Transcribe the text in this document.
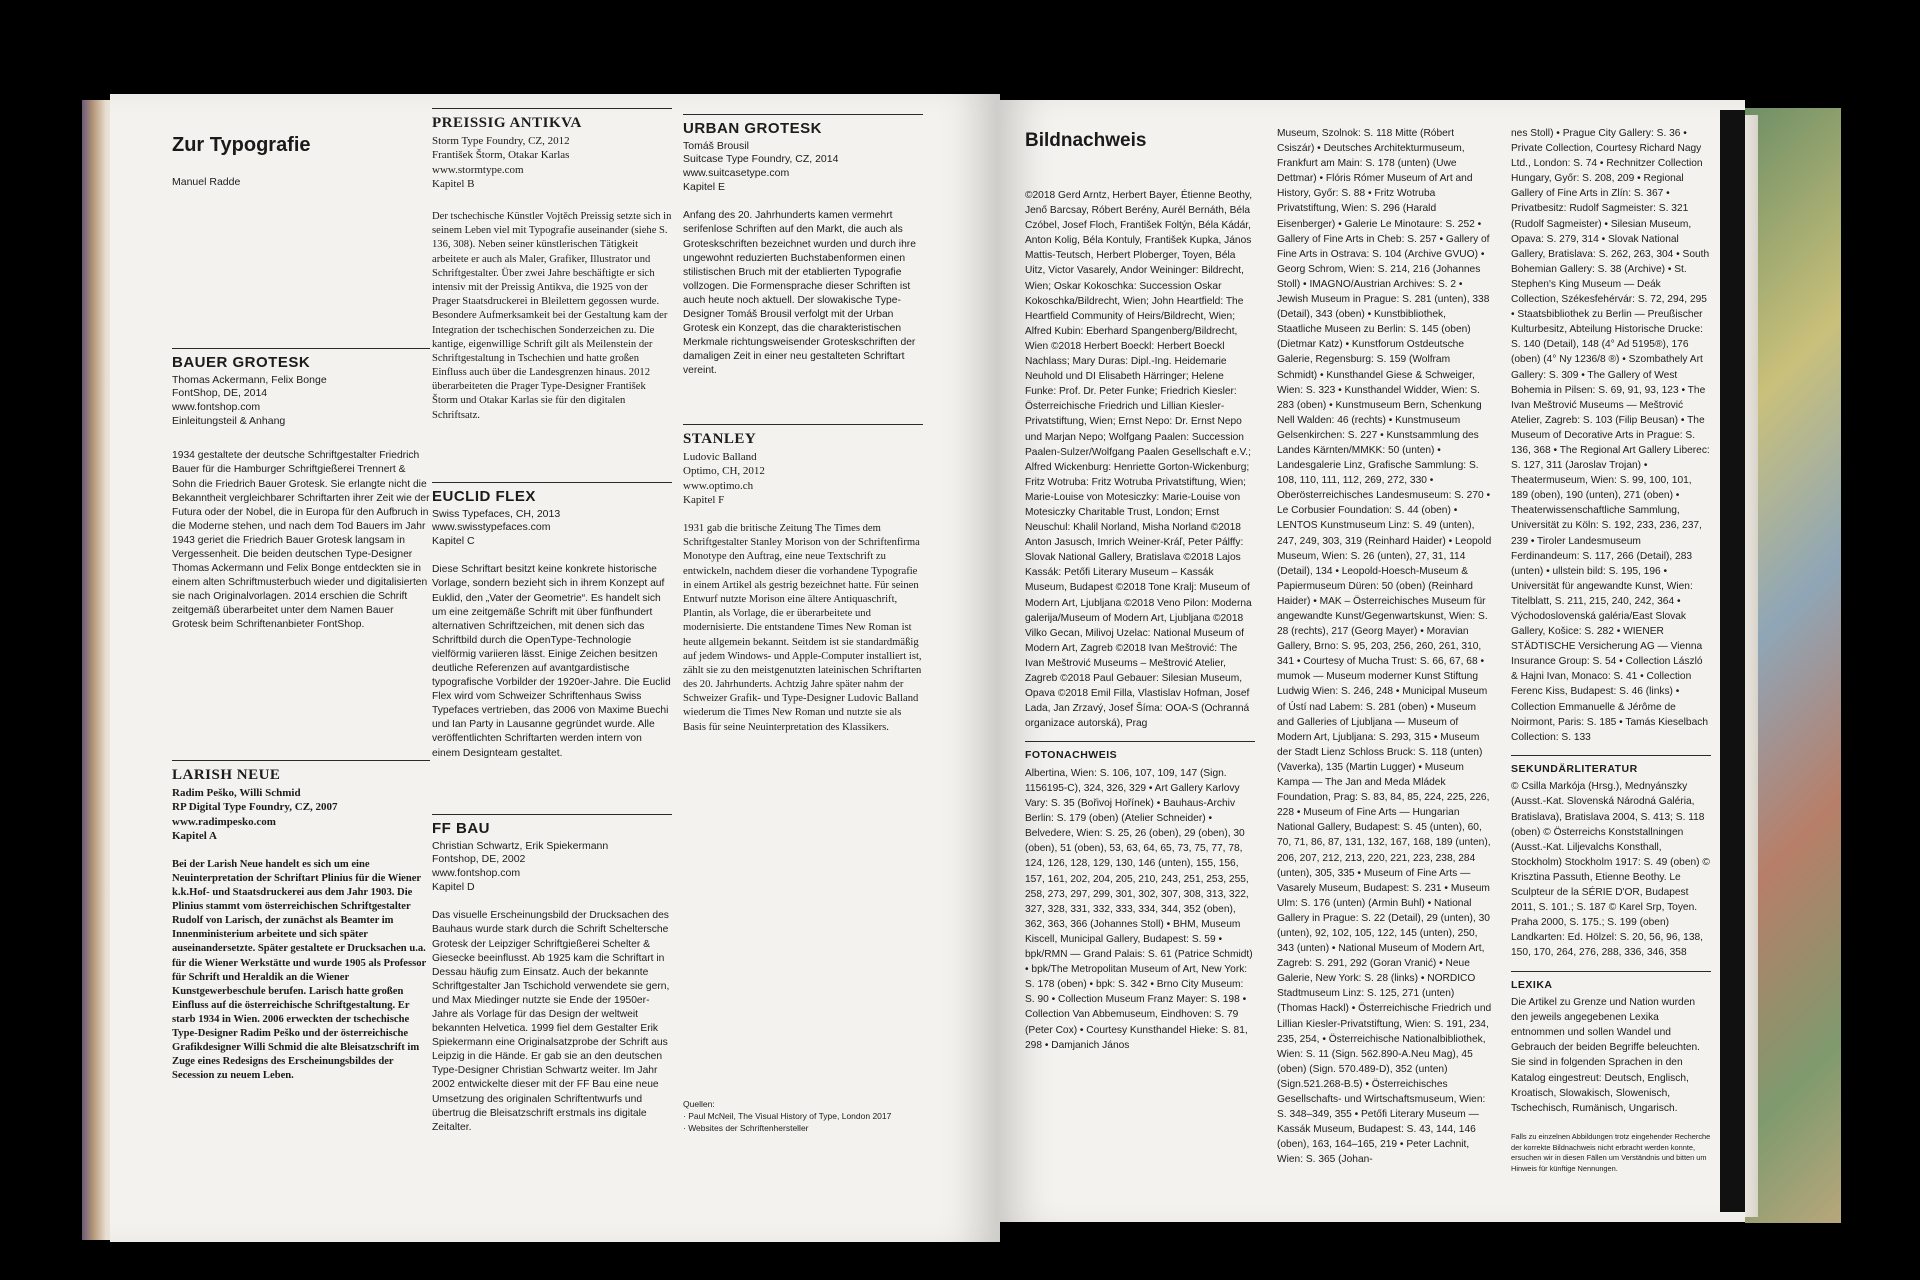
Zur Typografie

Manuel Radde

BAUER GROTESK

Thomas Ackermann, Felix Bonge
FontShop, DE, 2014
www.fontshop.com
Einleitungsteil & Anhang

1934 gestaltete der deutsche Schriftgestalter Friedrich Bauer für die Hamburger Schriftgießerei Trennert & Sohn die Friedrich Bauer Grotesk. Sie erlangte nicht die Bekanntheit vergleichbarer Schriftarten ihrer Zeit wie der Futura oder der Nobel, die in Europa für den Aufbruch in die Moderne stehen, und nach dem Tod Bauers im Jahr 1943 geriet die Friedrich Bauer Grotesk langsam in Vergessenheit. Die beiden deutschen Type-Designer Thomas Ackermann und Felix Bonge entdeckten sie in einem alten Schriftmusterbuch wieder und digitalisierten sie nach Originalvorlagen. 2014 erschien die Schrift zeitgemäß überarbeitet unter dem Namen Bauer Grotesk beim Schriftenanbieter FontShop.

LARISH NEUE

Radim Peško, Willi Schmid
RP Digital Type Foundry, CZ, 2007
www.radimpesko.com
Kapitel A

Bei der Larish Neue handelt es sich um eine Neuinterpretation der Schriftart Plinius für die Wiener k.k.Hof- und Staatsdruckerei aus dem Jahr 1903. Die Plinius stammt vom österreichischen Schriftgestalter Rudolf von Larisch, der zunächst als Beamter im Innenministerium arbeitete und sich später auseinandersetzte. Später gestaltete er Drucksachen u.a. für die Wiener Werkstätte und wurde 1905 als Professor für Schrift und Heraldik an die Wiener Kunstgewerbeschule berufen. Larisch hatte großen Einfluss auf die österreichische Schriftgestaltung. Er starb 1934 in Wien. 2006 erweckten der tschechische Type-Designer Radim Peško und der österreichische Grafikdesigner Willi Schmid die alte Bleisatzschrift im Zuge eines Redesigns des Erscheinungsbildes der Secession zu neuem Leben.

PREISSIG ANTIKVA

Storm Type Foundry, CZ, 2012
František Štorm, Otakar Karlas
www.stormtype.com
Kapitel B

Der tschechische Künstler Vojtěch Preissig setzte sich in seinem Leben viel mit Typografie auseinander (siehe S. 136, 308). Neben seiner künstlerischen Tätigkeit arbeitete er auch als Maler, Grafiker, Illustrator und Schriftgestalter. Über zwei Jahre beschäftigte er sich intensiv mit der Preissig Antikva, die 1925 von der Prager Staatsdruckerei in Bleilettern gegossen wurde. Besondere Aufmerksamkeit bei der Gestaltung kam der Integration der tschechischen Sonderzeichen zu. Die kantige, eigenwillige Schrift gilt als Meilenstein der Schriftgestaltung in Tschechien und hatte großen Einfluss auch über die Landesgrenzen hinaus. 2012 überarbeiteten die Prager Type-Designer František Štorm und Otakar Karlas sie für den digitalen Schriftsatz.

EUCLID FLEX

Swiss Typefaces, CH, 2013
www.swisstypefaces.com
Kapitel C

Diese Schriftart besitzt keine konkrete historische Vorlage, sondern bezieht sich in ihrem Konzept auf Euklid, den „Vater der Geometrie“. Es handelt sich um eine zeitgemäße Schrift mit über fünfhundert alternativen Schriftzeichen, mit denen sich das Schriftbild durch die OpenType-Technologie vielförmig variieren lässt. Einige Zeichen besitzen deutliche Referenzen auf avantgardistische typografische Vorbilder der 1920er-Jahre. Die Euclid Flex wird vom Schweizer Schriftenhaus Swiss Typefaces vertrieben, das 2006 von Maxime Buechi und Ian Party in Lausanne gegründet wurde. Alle veröffentlichten Schriftarten werden intern von einem Designteam gestaltet.

FF BAU

Christian Schwartz, Erik Spiekermann
Fontshop, DE, 2002
www.fontshop.com
Kapitel D

Das visuelle Erscheinungsbild der Drucksachen des Bauhaus wurde stark durch die Schrift Scheltersche Grotesk der Leipziger Schriftgießerei Schelter & Giesecke beeinflusst. Ab 1925 kam die Schriftart in Dessau häufig zum Einsatz. Auch der bekannte Schriftgestalter Jan Tschichold verwendete sie gern, und Max Miedinger nutzte sie Ende der 1950er-Jahre als Vorlage für das Design der weltweit bekannten Helvetica. 1999 fiel dem Gestalter Erik Spiekermann eine Originalsatzprobe der Schrift aus Leipzig in die Hände. Er gab sie an den deutschen Type-Designer Christian Schwartz weiter. Im Jahr 2002 entwickelte dieser mit der FF Bau eine neue Umsetzung des originalen Schriftentwurfs und übertrug die Bleisatzschrift erstmals ins digitale Zeitalter.

URBAN GROTESK

Tomáš Brousil
Suitcase Type Foundry, CZ, 2014
www.suitcasetype.com
Kapitel E

Anfang des 20. Jahrhunderts kamen vermehrt serifenlose Schriften auf den Markt, die auch als Groteskschriften bezeichnet wurden und durch ihre ungewohnt reduzierten Buchstabenformen einen stilistischen Bruch mit der etablierten Typografie vollzogen. Die Formensprache dieser Schriften ist auch heute noch aktuell. Der slowakische Type-Designer Tomáš Brousil verfolgt mit der Urban Grotesk ein Konzept, das die charakteristischen Merkmale richtungsweisender Groteskschriften der damaligen Zeit in einer neu gestalteten Schriftart vereint.

STANLEY

Ludovic Balland
Optimo, CH, 2012
www.optimo.ch
Kapitel F

1931 gab die britische Zeitung The Times dem Schriftgestalter Stanley Morison von der Schriftenfirma Monotype den Auftrag, eine neue Textschrift zu entwickeln, nachdem dieser die vorhandene Typografie in einem Artikel als gestrig bezeichnet hatte. Für seinen Entwurf nutzte Morison eine ältere Antiquaschrift, Plantin, als Vorlage, die er überarbeitete und modernisierte. Die entstandene Times New Roman ist heute allgemein bekannt. Seitdem ist sie standardmäßig auf jedem Windows- und Apple-Computer installiert ist, zählt sie zu den meistgenutzten lateinischen Schriftarten des 20. Jahrhunderts. Achtzig Jahre später nahm der Schweizer Grafik- und Type-Designer Ludovic Balland wiederum die Times New Roman und nutzte sie als Basis für seine Neuinterpretation des Klassikers.

Quellen:
· Paul McNeil, The Visual History of Type, London 2017
· Websites der Schriftenhersteller
Bildnachweis

©2018 Gerd Arntz, Herbert Bayer, Étienne Beothy, Jenő Barcsay, Róbert Berény, Aurél Bernáth, Béla Czóbel, Josef Floch, František Foltýn, Béla Kádár, Anton Kolig, Béla Kontuly, František Kupka, János Mattis-Teutsch, Herbert Ploberger, Toyen, Béla Uitz, Victor Vasarely, Andor Weininger: Bildrecht, Wien; Oskar Kokoschka: Succession Oskar Kokoschka/Bildrecht, Wien; John Heartfield: The Heartfield Community of Heirs/Bildrecht, Wien; Alfred Kubin: Eberhard Spangenberg/Bildrecht, Wien ©2018 Herbert Boeckl: Herbert Boeckl Nachlass; Mary Duras: Dipl.-Ing. Heidemarie Neuhold und DI Elisabeth Härringer; Helene Funke: Prof. Dr. Peter Funke; Friedrich Kiesler: Österreichische Friedrich und Lillian Kiesler-Privatstiftung, Wien; Ernst Nepo: Dr. Ernst Nepo und Marjan Nepo; Wolfgang Paalen: Succession Paalen-Sulzer/Wolfgang Paalen Gesellschaft e.V.; Alfred Wickenburg: Henriette Gorton-Wickenburg; Fritz Wotruba: Fritz Wotruba Privatstiftung, Wien; Marie-Louise von Motesiczky: Marie-Louise von Motesiczky Charitable Trust, London; Ernst Neuschul: Khalil Norland, Misha Norland ©2018 Anton Jasusch, Imrich Weiner-Kráľ, Peter Pálffy: Slovak National Gallery, Bratislava ©2018 Lajos Kassák: Petőfi Literary Museum – Kassák Museum, Budapest ©2018 Tone Kralj: Museum of Modern Art, Ljubljana ©2018 Veno Pilon: Moderna galerija/Museum of Modern Art, Ljubljana ©2018 Vilko Gecan, Milivoj Uzelac: National Museum of Modern Art, Zagreb ©2018 Ivan Meštrović: The Ivan Meštrović Museums – Meštrović Atelier, Zagreb ©2018 Paul Gebauer: Silesian Museum, Opava ©2018 Emil Filla, Vlastislav Hofman, Josef Lada, Jan Zrzavý, Josef Šíma: OOA-S (Ochranná organizace autorská), Prag

FOTONACHWEIS

Albertina, Wien: S. 106, 107, 109, 147 (Sign. 1156195-C), 324, 326, 329 • Art Gallery Karlovy Vary: S. 35 (Bořivoj Hořínek) • Bauhaus-Archiv Berlin: S. 179 (oben) (Atelier Schneider) • Belvedere, Wien: S. 25, 26 (oben), 29 (oben), 30 (oben), 51 (oben), 53, 63, 64, 65, 73, 75, 77, 78, 124, 126, 128, 129, 130, 146 (unten), 155, 156, 157, 161, 202, 204, 205, 210, 243, 251, 253, 255, 258, 273, 297, 299, 301, 302, 307, 308, 313, 322, 327, 328, 331, 332, 333, 334, 344, 352 (oben), 362, 363, 366 (Johannes Stoll) • BHM, Museum Kiscell, Municipal Gallery, Budapest: S. 59 • bpk/RMN — Grand Palais: S. 61 (Patrice Schmidt) • bpk/The Metropolitan Museum of Art, New York: S. 178 (oben) • bpk: S. 342 • Brno City Museum: S. 90 • Collection Museum Franz Mayer: S. 198 • Collection Van Abbemuseum, Eindhoven: S. 79 (Peter Cox) • Courtesy Kunsthandel Hieke: S. 81, 298 • Damjanich János

Museum, Szolnok: S. 118 Mitte (Róbert Csiszár) • Deutsches Architekturmuseum, Frankfurt am Main: S. 178 (unten) (Uwe Dettmar) • Flóris Rómer Museum of Art and History, Győr: S. 88 • Fritz Wotruba Privatstiftung, Wien: S. 296 (Harald Eisenberger) • Galerie Le Minotaure: S. 252 • Gallery of Fine Arts in Cheb: S. 257 • Gallery of Fine Arts in Ostrava: S. 104 (Archive GVUO) • Georg Schrom, Wien: S. 214, 216 (Johannes Stoll) • IMAGNO/Austrian Archives: S. 2 • Jewish Museum in Prague: S. 281 (unten), 338 (Detail), 343 (oben) • Kunstbibliothek, Staatliche Museen zu Berlin: S. 145 (oben) (Dietmar Katz) • Kunstforum Ostdeutsche Galerie, Regensburg: S. 159 (Wolfram Schmidt) • Kunsthandel Giese & Schweiger, Wien: S. 323 • Kunsthandel Widder, Wien: S. 283 (oben) • Kunstmuseum Bern, Schenkung Nell Walden: 46 (rechts) • Kunstmuseum Gelsenkirchen: S. 227 • Kunstsammlung des Landes Kärnten/MMKK: 50 (unten) • Landesgalerie Linz, Grafische Sammlung: S. 108, 110, 111, 112, 269, 272, 330 • Oberösterreichisches Landesmuseum: S. 270 • Le Corbusier Foundation: S. 44 (oben) • LENTOS Kunstmuseum Linz: S. 49 (unten), 247, 249, 303, 319 (Reinhard Haider) • Leopold Museum, Wien: S. 26 (unten), 27, 31, 114 (Detail), 134 • Leopold-Hoesch-Museum & Papiermuseum Düren: 50 (oben) (Reinhard Haider) • MAK – Österreichisches Museum für angewandte Kunst/Gegenwartskunst, Wien: S. 28 (rechts), 217 (Georg Mayer) • Moravian Gallery, Brno: S. 95, 203, 256, 260, 261, 310, 341 • Courtesy of Mucha Trust: S. 66, 67, 68 • mumok — Museum moderner Kunst Stiftung Ludwig Wien: S. 246, 248 • Municipal Museum of Ústí nad Labem: S. 281 (oben) • Museum and Galleries of Ljubljana — Museum of Modern Art, Ljubljana: S. 293, 315 • Museum der Stadt Lienz Schloss Bruck: S. 118 (unten) (Vaverka), 135 (Martin Lugger) • Museum Kampa — The Jan and Meda Mládek Foundation, Prag: S. 83, 84, 85, 224, 225, 226, 228 • Museum of Fine Arts — Hungarian National Gallery, Budapest: S. 45 (unten), 60, 70, 71, 86, 87, 131, 132, 167, 168, 189 (unten), 206, 207, 212, 213, 220, 221, 223, 238, 284 (unten), 305, 335 • Museum of Fine Arts — Vasarely Museum, Budapest: S. 231 • Museum Ulm: S. 176 (unten) (Armin Buhl) • National Gallery in Prague: S. 22 (Detail), 29 (unten), 30 (unten), 92, 102, 105, 122, 145 (unten), 250, 343 (unten) • National Museum of Modern Art, Zagreb: S. 291, 292 (Goran Vranić) • Neue Galerie, New York: S. 28 (links) • NORDICO Stadtmuseum Linz: S. 125, 271 (unten) (Thomas Hackl) • Österreichische Friedrich und Lillian Kiesler-Privatstiftung, Wien: S. 191, 234, 235, 254, • Österreichische Nationalbibliothek, Wien: S. 11 (Sign. 562.890-A.Neu Mag), 45 (oben) (Sign. 570.489-D), 352 (unten) (Sign.521.268-B.5) • Österreichisches Gesellschafts- und Wirtschaftsmuseum, Wien: S. 348–349, 355 • Petőfi Literary Museum — Kassák Museum, Budapest: S. 43, 144, 146 (oben), 163, 164–165, 219 • Peter Lachnit, Wien: S. 365 (Johan-

nes Stoll) • Prague City Gallery: S. 36 • Private Collection, Courtesy Richard Nagy Ltd., London: S. 74 • Rechnitzer Collection Hungary, Győr: S. 208, 209 • Regional Gallery of Fine Arts in Zlín: S. 367 • Privatbesitz: Rudolf Sagmeister: S. 321 (Rudolf Sagmeister) • Silesian Museum, Opava: S. 279, 314 • Slovak National Gallery, Bratislava: S. 262, 263, 304 • South Bohemian Gallery: S. 38 (Archive) • St. Stephen's King Museum — Deák Collection, Székesfehérvár: S. 72, 294, 295 • Staatsbibliothek zu Berlin — Preußischer Kulturbesitz, Abteilung Historische Drucke: S. 140 (Detail), 148 (4° Ad 5195®), 176 (oben) (4° Ny 1236/8 ®) • Szombathely Art Gallery: S. 309 • The Gallery of West Bohemia in Pilsen: S. 69, 91, 93, 123 • The Ivan Meštrović Museums — Meštrović Atelier, Zagreb: S. 103 (Filip Beusan) • The Museum of Decorative Arts in Prague: S. 136, 368 • The Regional Art Gallery Liberec: S. 127, 311 (Jaroslav Trojan) • Theatermuseum, Wien: S. 99, 100, 101, 189 (oben), 190 (unten), 271 (oben) • Theaterwissenschaftliche Sammlung, Universität zu Köln: S. 192, 233, 236, 237, 239 • Tiroler Landesmuseum Ferdinandeum: S. 117, 266 (Detail), 283 (unten) • ullstein bild: S. 195, 196 • Universität für angewandte Kunst, Wien: Titelblatt, S. 211, 215, 240, 242, 364 • Východoslovenská galéria/East Slovak Gallery, Košice: S. 282 • WIENER STÄDTISCHE Versicherung AG — Vienna Insurance Group: S. 54 • Collection László & Hajni Ivan, Monaco: S. 41 • Collection Ferenc Kiss, Budapest: S. 46 (links) • Collection Emmanuelle & Jérôme de Noirmont, Paris: S. 185 • Tamás Kieselbach Collection: S. 133

SEKUNDÄRLITERATUR

© Csilla Markója (Hrsg.), Mednyánszky (Ausst.-Kat. Slovenská Národná Galéria, Bratislava), Bratislava 2004, S. 413; S. 118 (oben) © Österreichs Konststallningen (Ausst.-Kat. Liljevalchs Konsthall, Stockholm) Stockholm 1917: S. 49 (oben) © Krisztina Passuth, Etienne Beothy. Le Sculpteur de la SÉRIE D'OR, Budapest 2011, S. 101.; S. 187 © Karel Srp, Toyen. Praha 2000, S. 175.; S. 199 (oben) Landkarten: Ed. Hölzel: S. 20, 56, 96, 138, 150, 170, 264, 276, 288, 336, 346, 358

LEXIKA

Die Artikel zu Grenze und Nation wurden den jeweils angegebenen Lexika entnommen und sollen Wandel und Gebrauch der beiden Begriffe beleuchten. Sie sind in folgenden Sprachen in den Katalog eingestreut: Deutsch, Englisch, Kroatisch, Slowakisch, Slowenisch, Tschechisch, Rumänisch, Ungarisch.

Falls zu einzelnen Abbildungen trotz eingehender Recherche der korrekte Bildnachweis nicht erbracht werden konnte, ersuchen wir in diesen Fällen um Verständnis und bitten um Hinweis für künftige Nennungen.
